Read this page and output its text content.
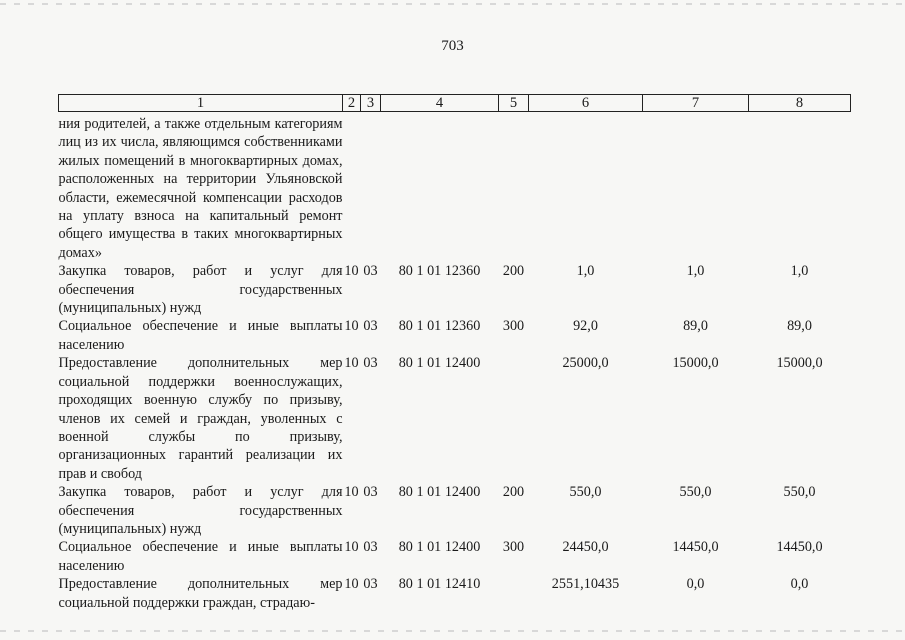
703
1	2	3	4	5	6	7	8

ния родителей, а также отдельным категориям лиц из их числа, являющимся собственниками жилых помещений в многоквартирных домах, расположенных на территории Ульяновской области, ежемесячной компенсации расходов на уплату взноса на капитальный ремонт общего имущества в таких многоквартирных домах»							
Закупка товаров, работ и услуг для обеспечения государственных (муниципальных) нужд	10	03	80 1 01 12360	200	1,0	1,0	1,0
Социальное обеспечение и иные выплаты населению	10	03	80 1 01 12360	300	92,0	89,0	89,0
Предоставление дополнительных мер социальной поддержки военнослужащих, проходящих военную службу по призыву, членов их семей и граждан, уволенных с военной службы по призыву, организационных гарантий реализации их прав и свобод	10	03	80 1 01 12400		25000,0	15000,0	15000,0
Закупка товаров, работ и услуг для обеспечения государственных (муниципальных) нужд	10	03	80 1 01 12400	200	550,0	550,0	550,0
Социальное обеспечение и иные выплаты населению	10	03	80 1 01 12400	300	24450,0	14450,0	14450,0
Предоставление дополнительных мер социальной поддержки граждан, страдаю-	10	03	80 1 01 12410		2551,10435	0,0	0,0
